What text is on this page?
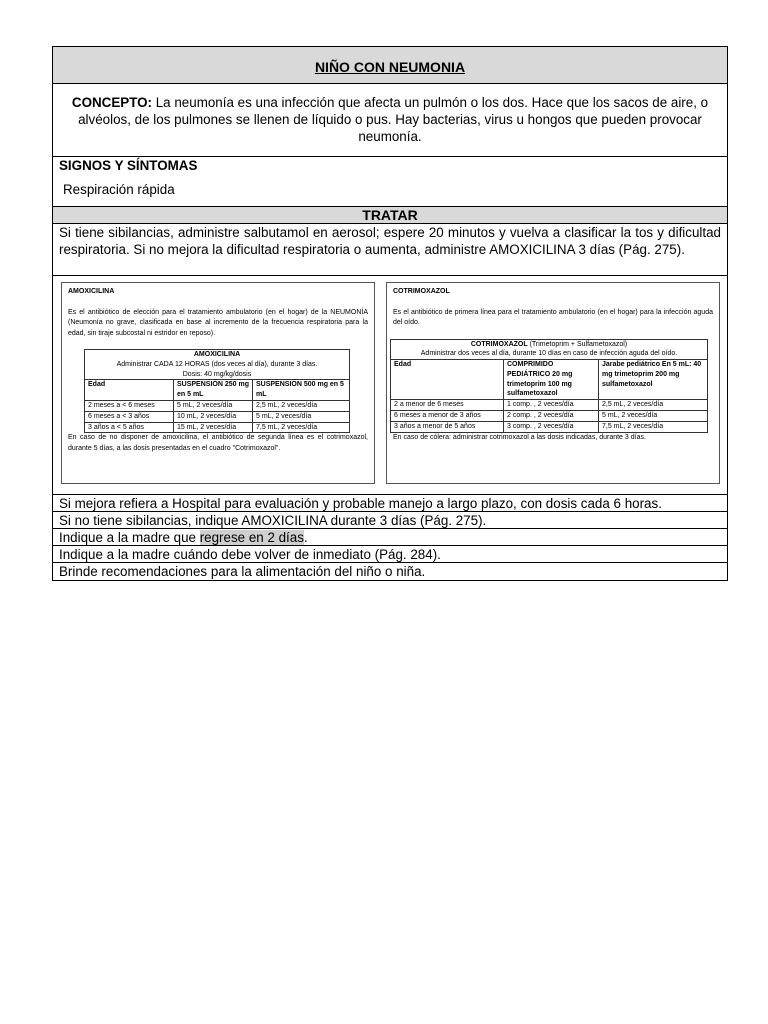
NIÑO CON NEUMONIA
CONCEPTO: La neumonía es una infección que afecta un pulmón o los dos. Hace que los sacos de aire, o alvéolos, de los pulmones se llenen de líquido o pus. Hay bacterias, virus u hongos que pueden provocar neumonía.
SIGNOS Y SÍNTOMAS
Respiración rápida
TRATAR
Si tiene sibilancias, administre salbutamol en aerosol; espere 20 minutos y vuelva a clasificar la tos y dificultad respiratoria. Si no mejora la dificultad respiratoria o aumenta, administre AMOXICILINA 3 días (Pág. 275).
AMOXICILINA
Es el antibiótico de elección para el tratamiento ambulatorio (en el hogar) de la NEUMONÍA (Neumonía no grave, clasificada en base al incremento de la frecuencia respiratoria para la edad, sin tiraje subcostal ni estridor en reposo).
AMOXICILINA
Administrar CADA 12 HORAS (dos veces al día), durante 3 días.
Dosis: 40 mg/kg/dosis		
Edad	SUSPENSIÓN 250 mg en 5 mL	SUSPENSIÓN 500 mg en 5 mL
2 meses a < 6 meses	5 mL, 2 veces/día	2,5 mL, 2 veces/día
6 meses a < 3 años	10 mL, 2 veces/día	5 mL, 2 veces/día
3 años a < 5 años	15 mL, 2 veces/día	7,5 mL, 2 veces/día
En caso de no disponer de amoxicilina, el antibiótico de segunda línea es el cotrimoxazol, durante 5 días, a las dosis presentadas en el cuadro "Cotrimoxazol".
COTRIMOXAZOL
Es el antibiótico de primera línea para el tratamiento ambulatorio (en el hogar) para la infección aguda del oído.
COTRIMOXAZOL (Trimetoprim + Sulfametoxazol)
Administrar dos veces al día, durante 10 días en caso de infección aguda del oído.		
Edad	COMPRIMIDO PEDIÁTRICO 20 mg trimetoprim 100 mg sulfametoxazol	Jarabe pediátrico En 5 mL: 40 mg trimetoprim 200 mg sulfametoxazol
2 a menor de 6 meses	1 comp. , 2 veces/día	2,5 mL, 2 veces/día
6 meses a menor de 3 años	2 comp. , 2 veces/día	5 mL, 2 veces/día
3 años a menor de 5 años	3 comp. , 2 veces/día	7,5 mL, 2 veces/día
En caso de cólera: administrar cotrimoxazol a las dosis indicadas, durante 3 días.
Si mejora refiera a Hospital para evaluación y probable manejo a largo plazo, con dosis cada 6 horas.
Si no tiene sibilancias, indique AMOXICILINA durante 3 días (Pág. 275).
Indique a la madre que regrese en 2 días.
Indique a la madre cuándo debe volver de inmediato (Pág. 284).
Brinde recomendaciones para la alimentación del niño o niña.
